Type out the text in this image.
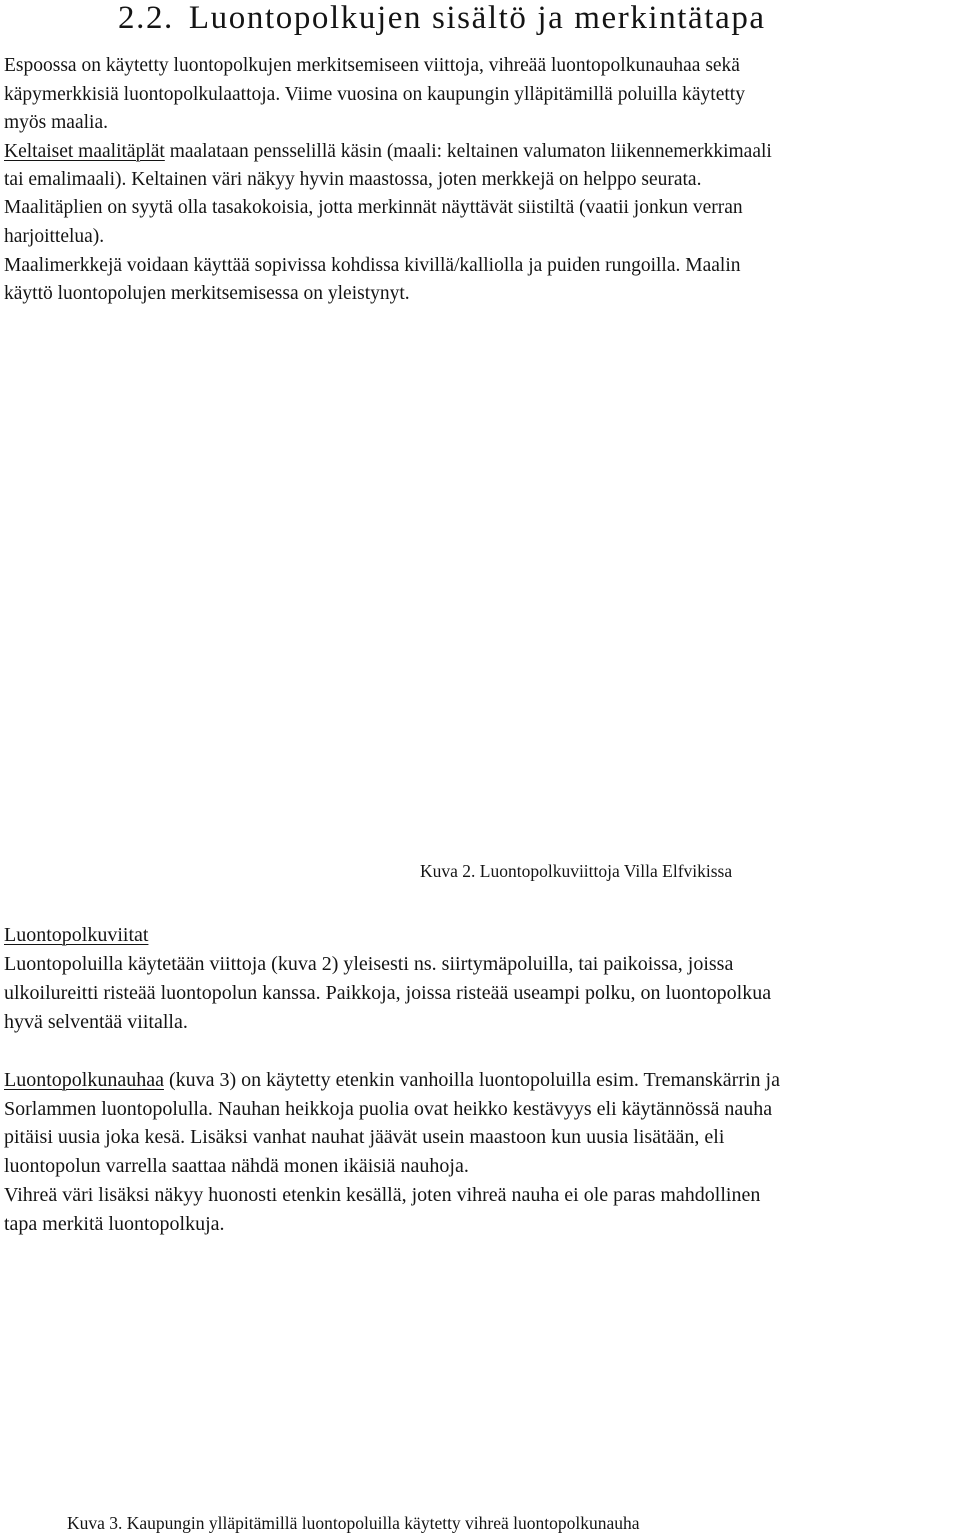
2.2. Luontopolkujen sisältö ja merkintätapa
Espoossa on käytetty luontopolkujen merkitsemiseen viittoja, vihreää luontopolkunauhaa sekä
käpymerkkisiä luontopolkulaattoja. Viime vuosina on kaupungin ylläpitämillä poluilla käytetty
myös maalia.
Keltaiset maalitäplät maalataan pensselillä käsin (maali: keltainen valumaton liikennemerkkimaali
tai emalimaali). Keltainen väri näkyy hyvin maastossa, joten merkkejä on helppo seurata.
Maalitäplien on syytä olla tasakokoisia, jotta merkinnät näyttävät siistiltä (vaatii jonkun verran
harjoittelua).
Maalimerkkejä voidaan käyttää sopivissa kohdissa kivillä/kalliolla ja puiden rungoilla. Maalin
käyttö luontopolujen merkitsemisessa on yleistynyt.
Kuva 2. Luontopolkuviittoja Villa Elfvikissa
Luontopolkuviitat
Luontopoluilla käytetään viittoja (kuva 2) yleisesti ns. siirtymäpoluilla, tai paikoissa, joissa
ulkoilureitti risteää luontopolun kanssa. Paikkoja, joissa risteää useampi polku, on luontopolkua
hyvä selventää viitalla.
Luontopolkunauhaa (kuva 3) on käytetty etenkin vanhoilla luontopoluilla esim. Tremanskärrin ja
Sorlammen luontopolulla. Nauhan heikkoja puolia ovat heikko kestävyys eli käytännössä nauha
pitäisi uusia joka kesä. Lisäksi vanhat nauhat jäävät usein maastoon kun uusia lisätään, eli
luontopolun varrella saattaa nähdä monen ikäisiä nauhoja.
Vihreä väri lisäksi näkyy huonosti etenkin kesällä, joten vihreä nauha ei ole paras mahdollinen
tapa merkitä luontopolkuja.
Kuva 3. Kaupungin ylläpitämillä luontopoluilla käytetty vihreä luontopolkunauha
